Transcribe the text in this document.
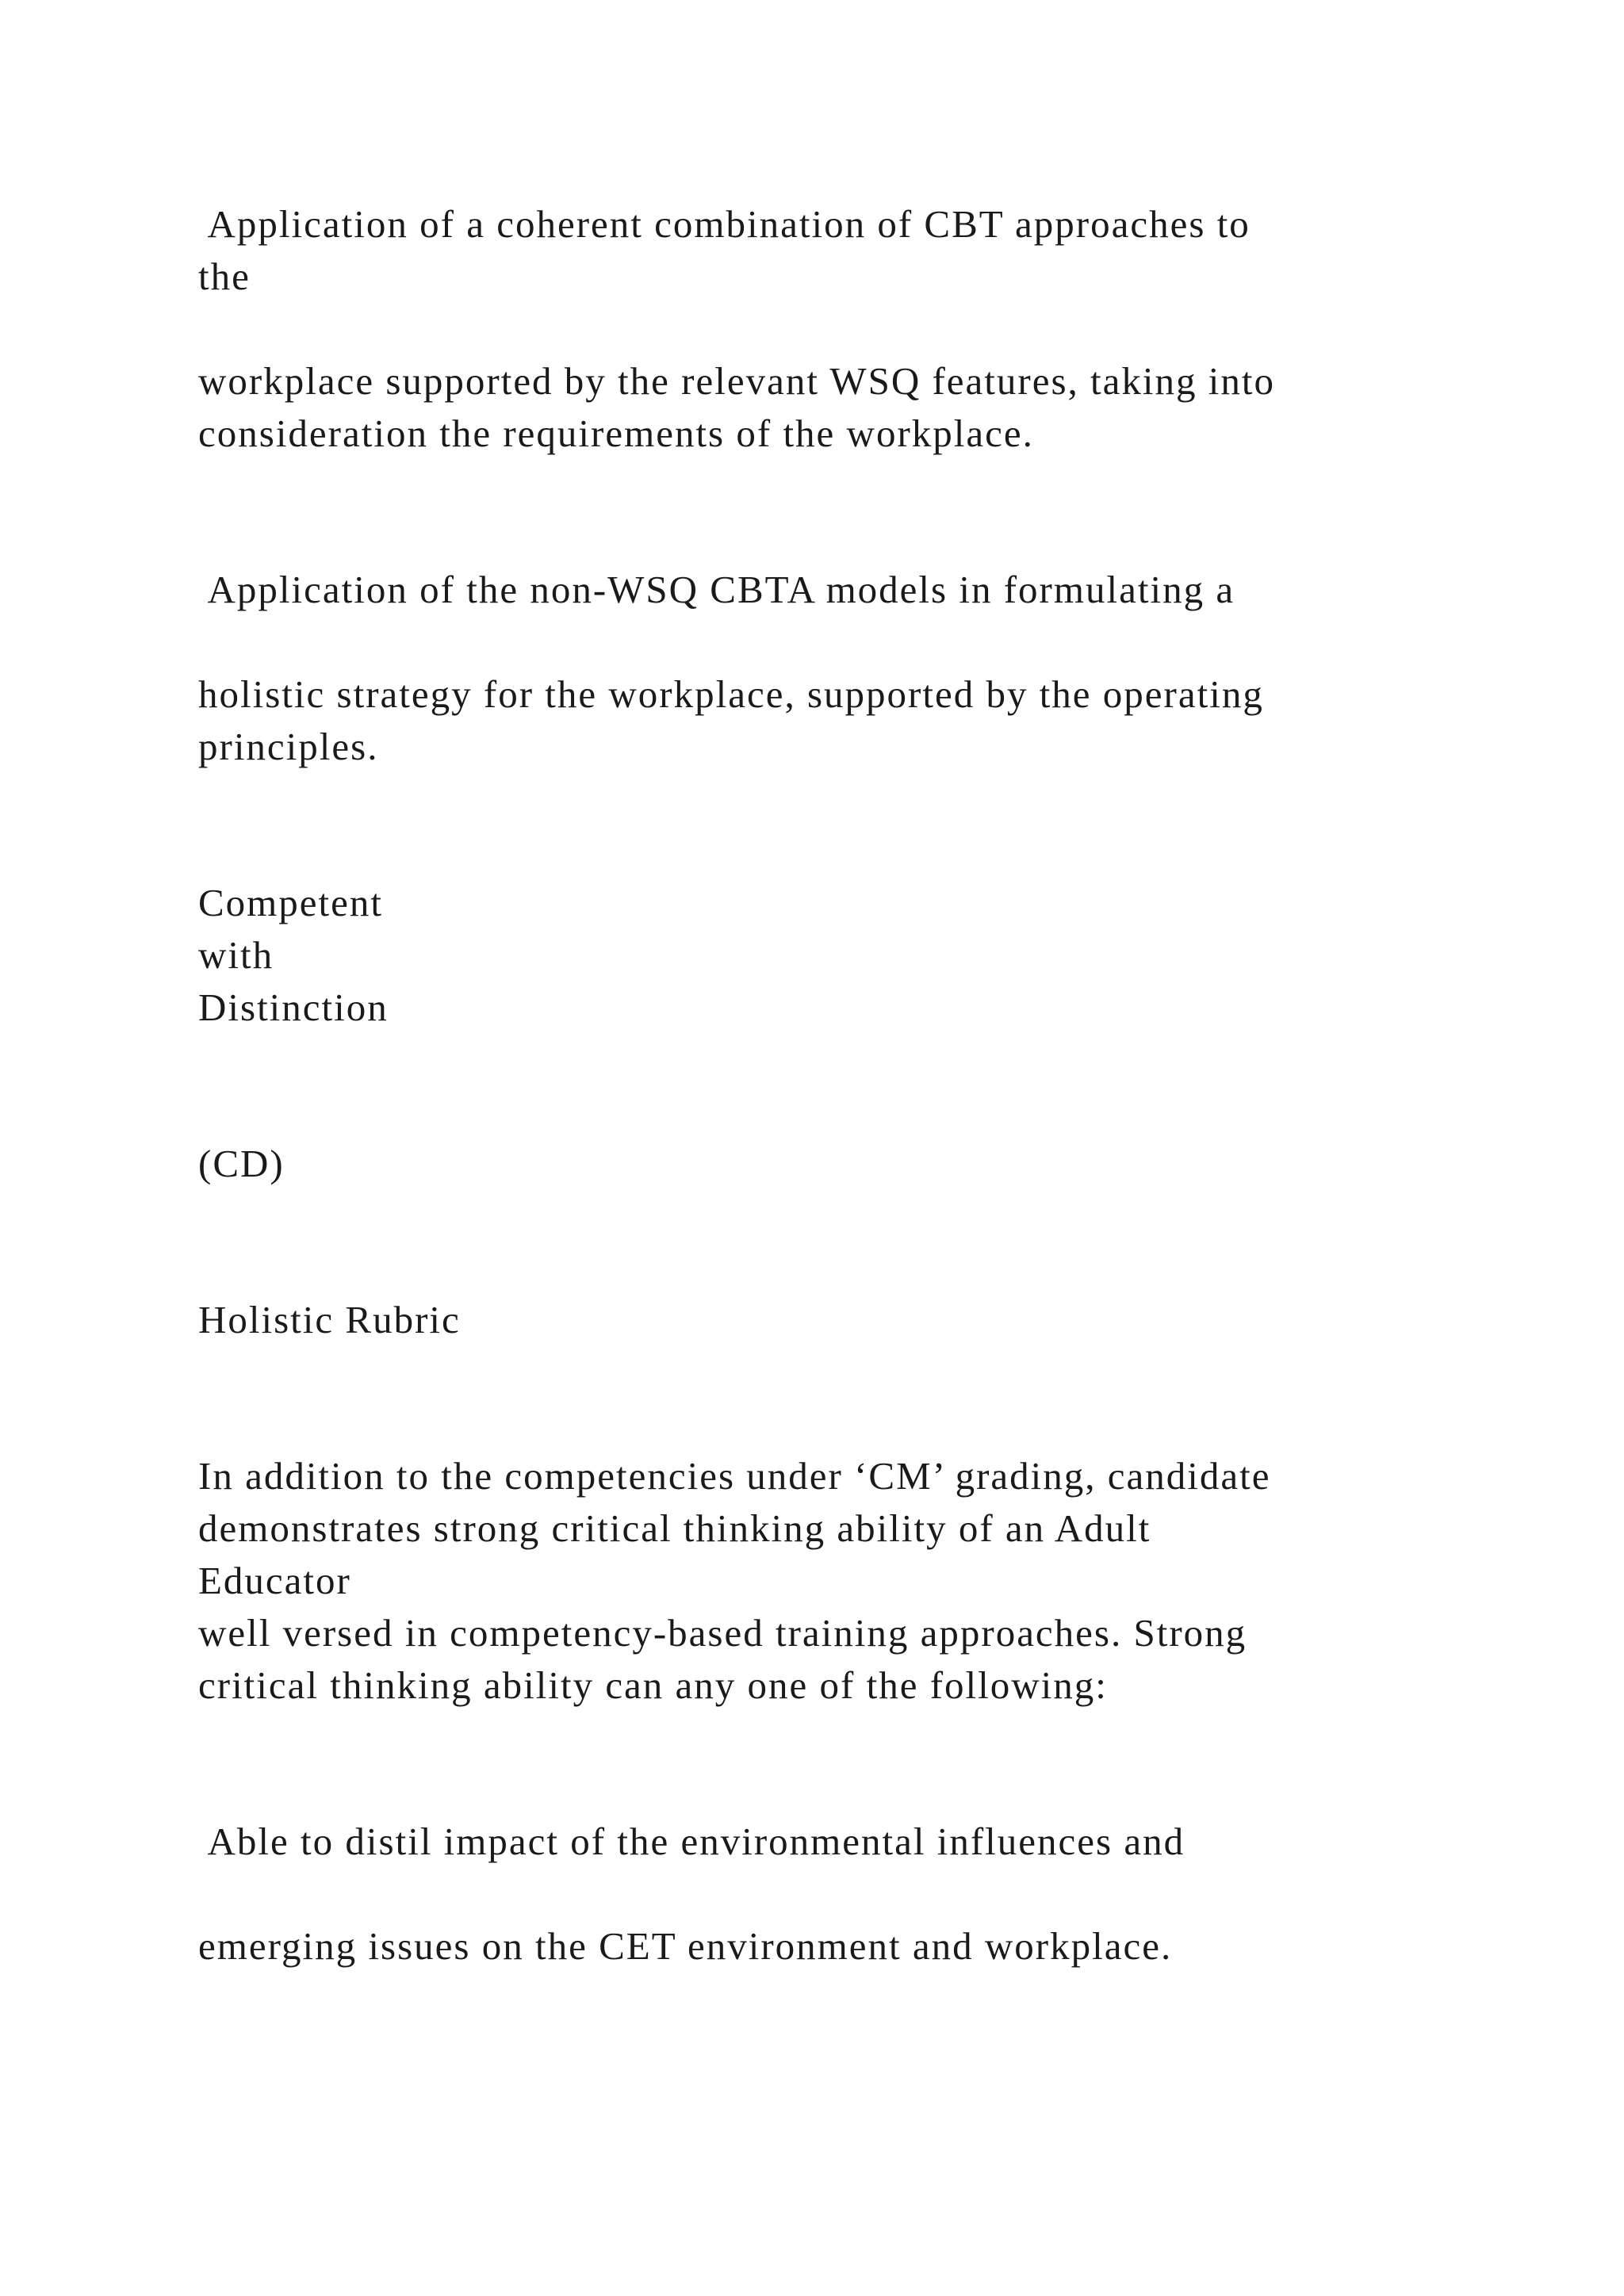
Application of a coherent combination of CBT approaches to
the
workplace supported by the relevant WSQ features, taking into
consideration the requirements of the workplace.
Application of the non-WSQ CBTA models in formulating a
holistic strategy for the workplace, supported by the operating
principles.
Competent
with
Distinction
(CD)
Holistic Rubric
In addition to the competencies under ‘CM’ grading, candidate
demonstrates strong critical thinking ability of an Adult
Educator
well versed in competency-based training approaches. Strong
critical thinking ability can any one of the following:
Able to distil impact of the environmental influences and
emerging issues on the CET environment and workplace.
